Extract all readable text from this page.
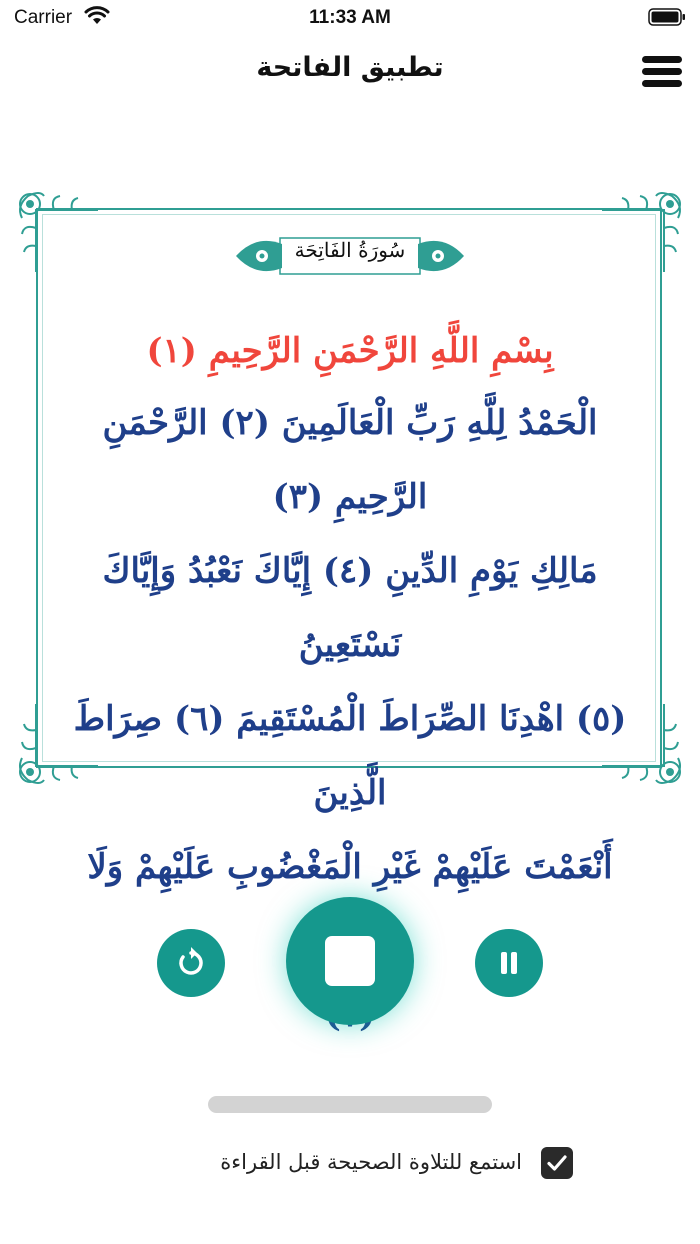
Carrier	11:33 AM
تطبيق الفاتحة
سُورَةُ الفَاتِحَة
بِسْمِ اللَّهِ الرَّحْمَنِ الرَّحِيمِ (١)
الْحَمْدُ لِلَّهِ رَبِّ الْعَالَمِينَ (٢) الرَّحْمَنِ الرَّحِيمِ (٣)
مَالِكِ يَوْمِ الدِّينِ (٤) إِيَّاكَ نَعْبُدُ وَإِيَّاكَ نَسْتَعِينُ
(٥) اهْدِنَا الصِّرَاطَ الْمُسْتَقِيمَ (٦) صِرَاطَ الَّذِينَ
أَنْعَمْتَ عَلَيْهِمْ غَيْرِ الْمَغْضُوبِ عَلَيْهِمْ وَلَا
استمع للتلاوة الصحيحة قبل القراءة
